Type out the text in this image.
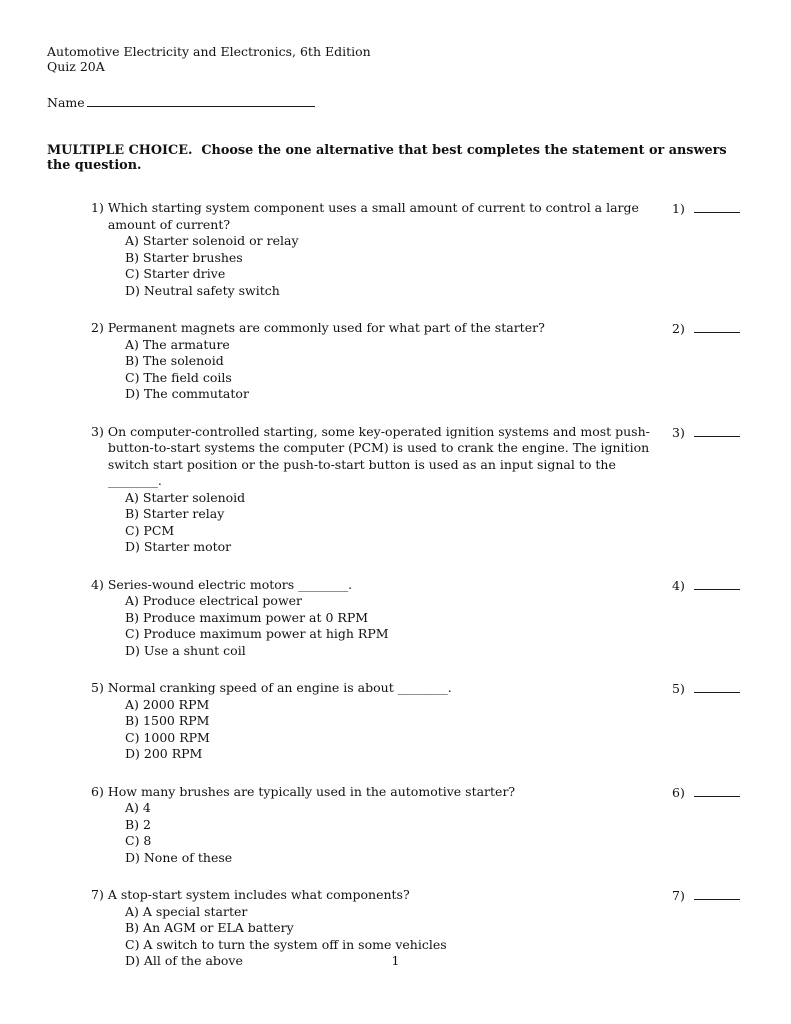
Automotive Electricity and Electronics, 6th Edition
Quiz 20A
Name
MULTIPLE CHOICE.  Choose the one alternative that best completes the statement or answers the question.
1) Which starting system component uses a small amount of current to control a large amount of current?
A) Starter solenoid or relay
B) Starter brushes
C) Starter drive
D) Neutral safety switch
1)
2) Permanent magnets are commonly used for what part of the starter?
A) The armature
B) The solenoid
C) The field coils
D) The commutator
2)
3) On computer-controlled starting, some key-operated ignition systems and most push-button-to-start systems the computer (PCM) is used to crank the engine. The ignition switch start position or the push-to-start button is used as an input signal to the ________.
A) Starter solenoid
B) Starter relay
C) PCM
D) Starter motor
3)
4) Series-wound electric motors ________.
A) Produce electrical power
B) Produce maximum power at 0 RPM
C) Produce maximum power at high RPM
D) Use a shunt coil
4)
5) Normal cranking speed of an engine is about ________.
A) 2000 RPM
B) 1500 RPM
C) 1000 RPM
D) 200 RPM
5)
6) How many brushes are typically used in the automotive starter?
A) 4
B) 2
C) 8
D) None of these
6)
7) A stop-start system includes what components?
A) A special starter
B) An AGM or ELA battery
C) A switch to turn the system off in some vehicles
D) All of the above
7)
1
